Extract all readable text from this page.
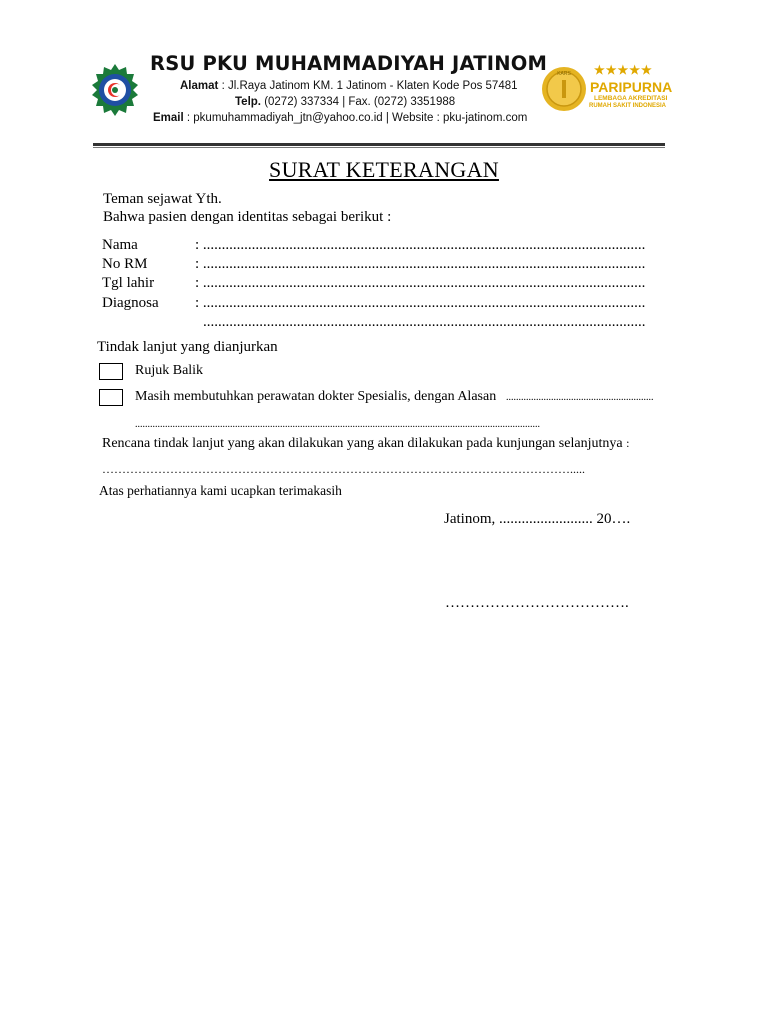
RSU PKU MUHAMMADIYAH JATINOM
Alamat : Jl.Raya Jatinom KM. 1 Jatinom - Klaten Kode Pos 57481
Telp. (0272) 337334 | Fax. (0272) 3351988
Email : pkumuhammadiyah_jtn@yahoo.co.id | Website : pku-jatinom.com
KARS	★★★★★
PARIPURNA
LEMBAGA AKREDITASI
RUMAH SAKIT INDONESIA
SURAT KETERANGAN
Teman sejawat Yth.
Bahwa pasien dengan identitas sebagai berikut :
Nama	: ......................................................................................................................
No RM	: ......................................................................................................................
Tgl lahir	: ......................................................................................................................
Diagnosa : ......................................................................................................................
......................................................................................................................
Tindak lanjut yang dianjurkan
Rujuk Balik
Masih membutuhkan perawatan dokter Spesialis, dengan Alasan ...........................................................
..................................................................................................................................................................
Rencana tindak lanjut yang akan dilakukan yang akan dilakukan pada kunjungan selanjutnya :
……………………………………………………………………………………………………….....
Atas perhatiannya kami ucapkan terimakasih
Jatinom, ......................... 20….
……………………………….
